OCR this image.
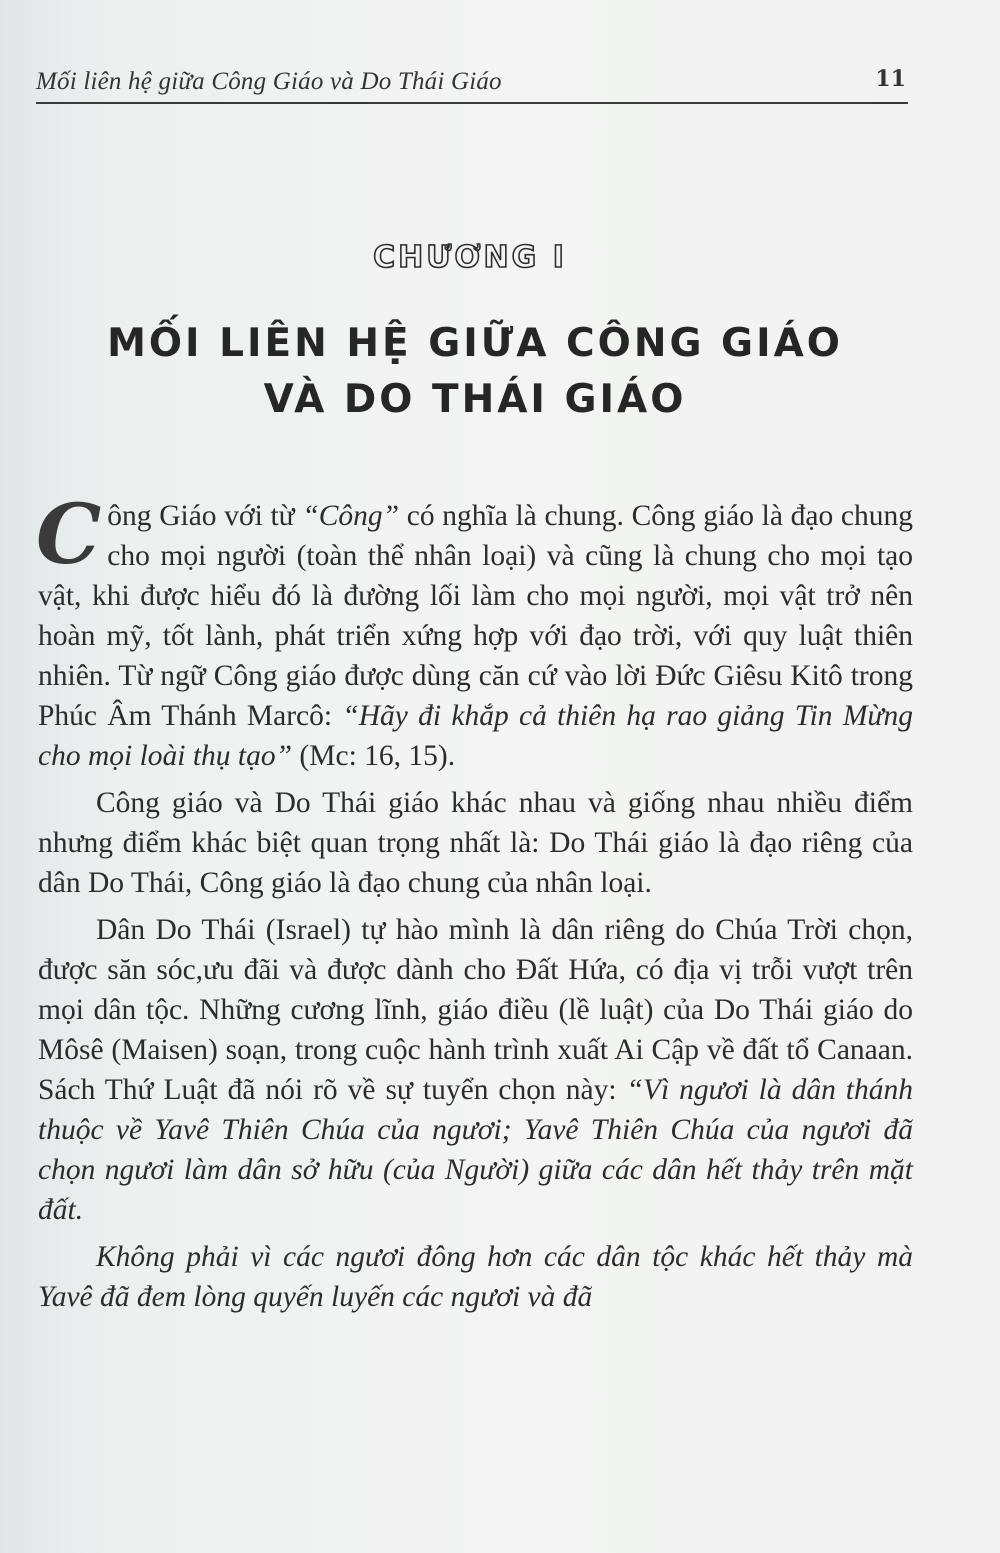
Mối liên hệ giữa Công Giáo và Do Thái Giáo	11
CHƯƠNG I
MỐI LIÊN HỆ GIỮA CÔNG GIÁO
VÀ DO THÁI GIÁO

Công Giáo với từ “Công” có nghĩa là chung. Công giáo là đạo chung cho mọi người (toàn thể nhân loại) và cũng là chung cho mọi tạo vật, khi được hiểu đó là đường lối làm cho mọi người, mọi vật trở nên hoàn mỹ, tốt lành, phát triển xứng hợp với đạo trời, với quy luật thiên nhiên. Từ ngữ Công giáo được dùng căn cứ vào lời Đức Giêsu Kitô trong Phúc Âm Thánh Marcô: “Hãy đi khắp cả thiên hạ rao giảng Tin Mừng cho mọi loài thụ tạo” (Mc: 16, 15).

Công giáo và Do Thái giáo khác nhau và giống nhau nhiều điểm nhưng điểm khác biệt quan trọng nhất là: Do Thái giáo là đạo riêng của dân Do Thái, Công giáo là đạo chung của nhân loại.

Dân Do Thái (Israel) tự hào mình là dân riêng do Chúa Trời chọn, được săn sóc,ưu đãi và được dành cho Đất Hứa, có địa vị trỗi vượt trên mọi dân tộc. Những cương lĩnh, giáo điều (lề luật) của Do Thái giáo do Môsê (Maisen) soạn, trong cuộc hành trình xuất Ai Cập về đất tổ Canaan. Sách Thứ Luật đã nói rõ về sự tuyển chọn này: “Vì ngươi là dân thánh thuộc về Yavê Thiên Chúa của ngươi; Yavê Thiên Chúa của ngươi đã chọn ngươi làm dân sở hữu (của Người) giữa các dân hết thảy trên mặt đất.

Không phải vì các ngươi đông hơn các dân tộc khác hết thảy mà Yavê đã đem lòng quyến luyến các ngươi và đã
